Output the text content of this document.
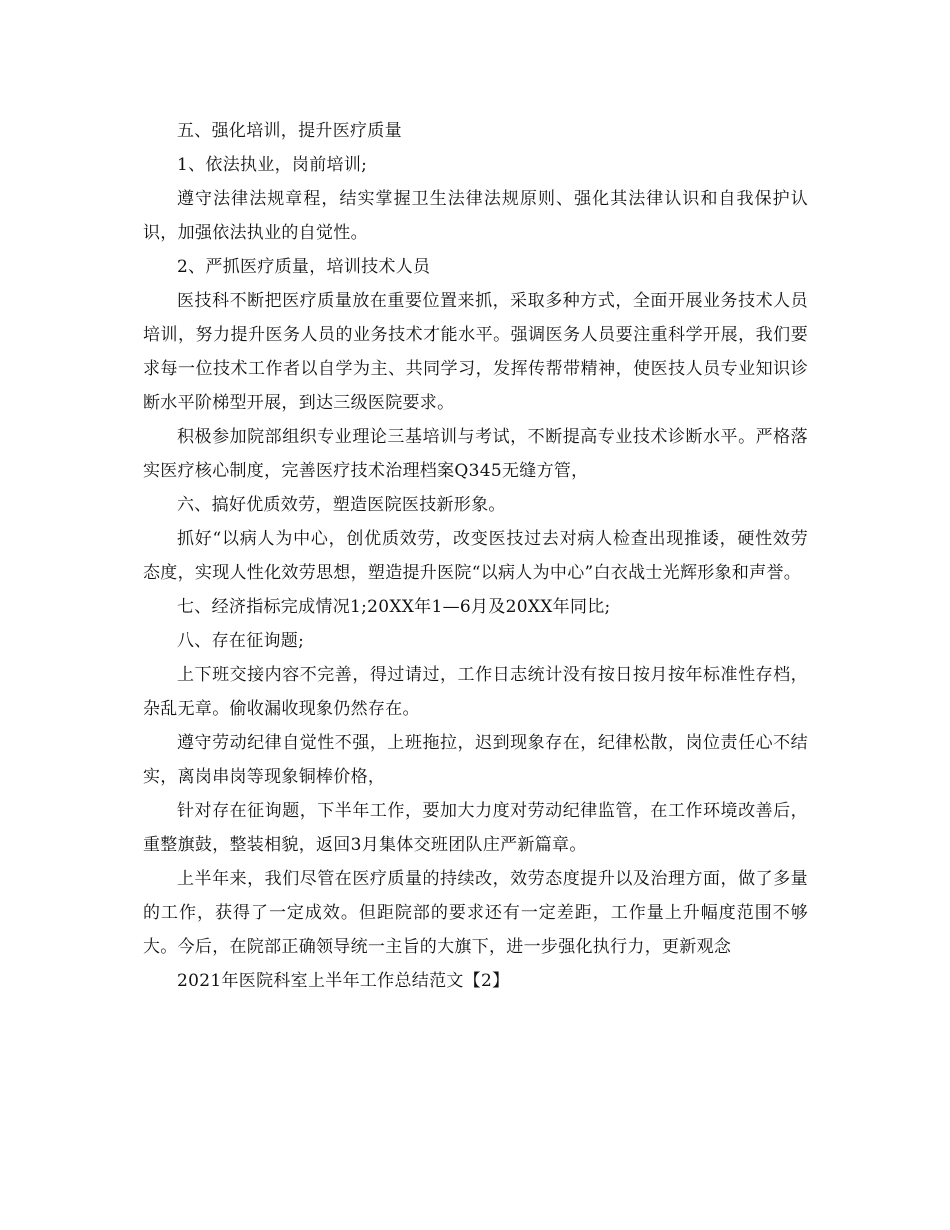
五、强化培训，提升医疗质量

1、依法执业，岗前培训;

遵守法律法规章程，结实掌握卫生法律法规原则、强化其法律认识和自我保护认识，加强依法执业的自觉性。

2、严抓医疗质量，培训技术人员

医技科不断把医疗质量放在重要位置来抓，采取多种方式，全面开展业务技术人员培训，努力提升医务人员的业务技术才能水平。强调医务人员要注重科学开展，我们要求每一位技术工作者以自学为主、共同学习，发挥传帮带精神，使医技人员专业知识诊断水平阶梯型开展，到达三级医院要求。

积极参加院部组织专业理论三基培训与考试，不断提高专业技术诊断水平。严格落实医疗核心制度，完善医疗技术治理档案Q345无缝方管，

六、搞好优质效劳，塑造医院医技新形象。

抓好“以病人为中心，创优质效劳，改变医技过去对病人检查出现推诿，硬性效劳态度，实现人性化效劳思想，塑造提升医院“以病人为中心”白衣战士光辉形象和声誉。

七、经济指标完成情况1;20XX年1—6月及20XX年同比;

八、存在征询题;

上下班交接内容不完善，得过请过，工作日志统计没有按日按月按年标准性存档，杂乱无章。偷收漏收现象仍然存在。

遵守劳动纪律自觉性不强，上班拖拉，迟到现象存在，纪律松散，岗位责任心不结实，离岗串岗等现象铜棒价格，

针对存在征询题，下半年工作，要加大力度对劳动纪律监管，在工作环境改善后，重整旗鼓，整装相貌，返回3月集体交班团队庄严新篇章。

上半年来，我们尽管在医疗质量的持续改，效劳态度提升以及治理方面，做了多量的工作，获得了一定成效。但距院部的要求还有一定差距，工作量上升幅度范围不够大。今后，在院部正确领导统一主旨的大旗下，进一步强化执行力，更新观念

2021年医院科室上半年工作总结范文【2】
